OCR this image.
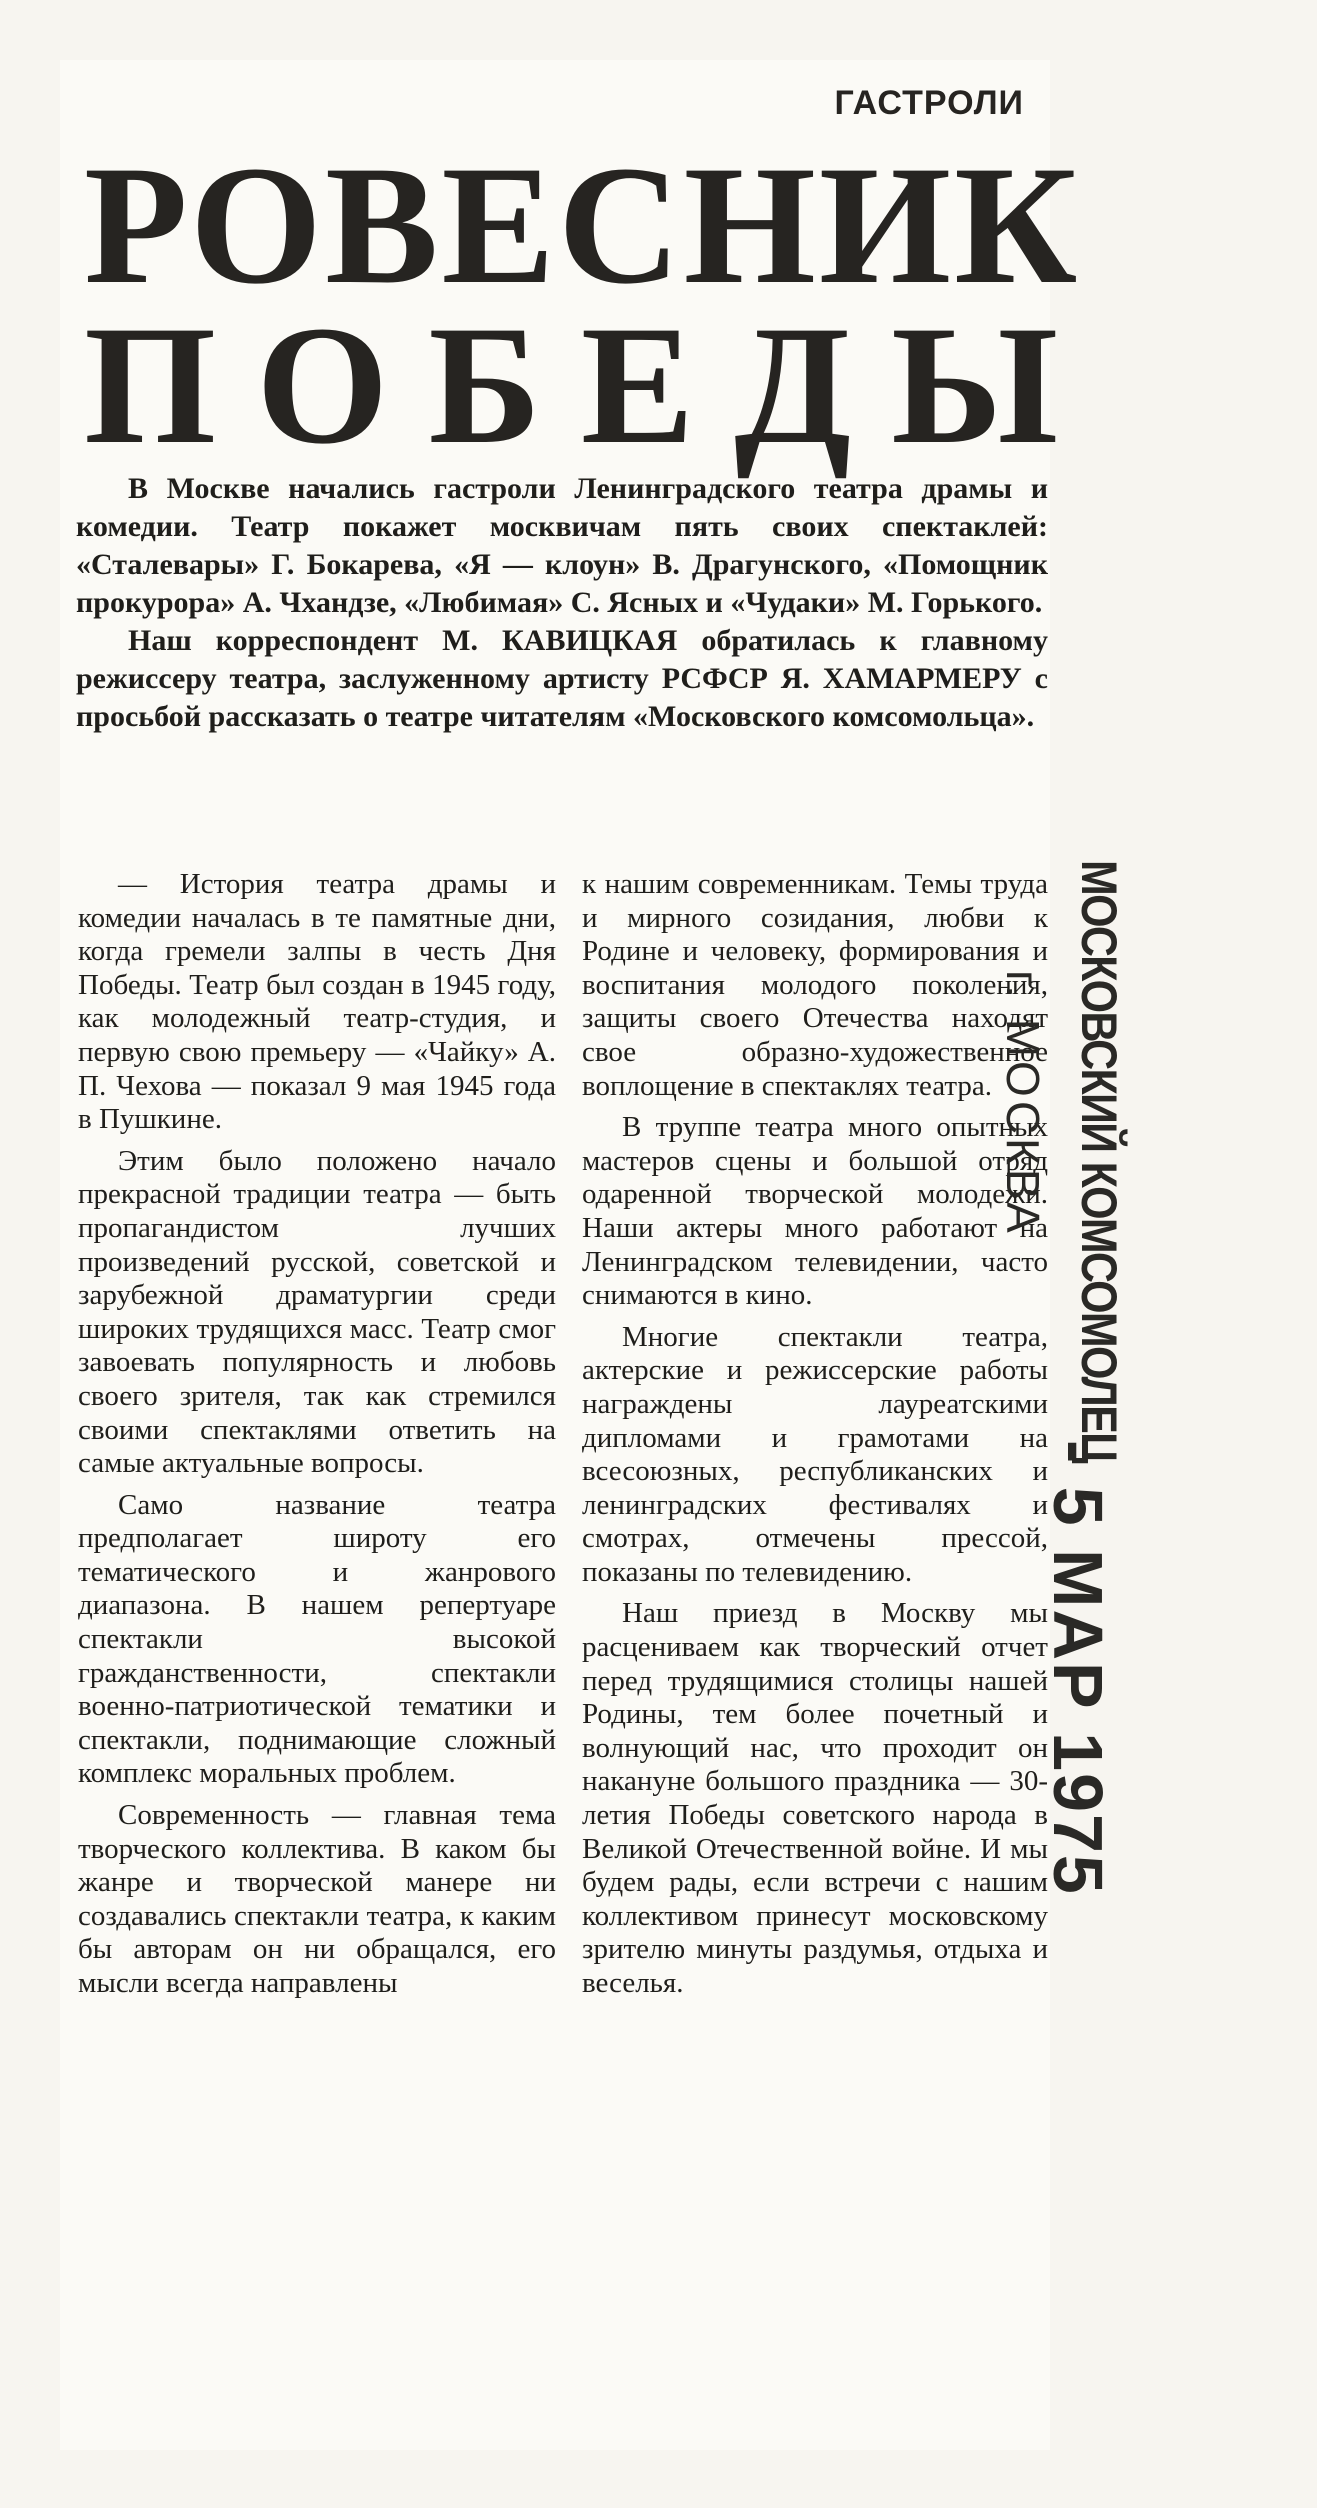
ГАСТРОЛИ
РОВЕСНИК
ПОБЕДЫ

В Москве начались гастроли Ленинградского театра драмы и комедии. Театр покажет москвичам пять своих спектаклей: «Сталевары» Г. Бокарева, «Я — клоун» В. Драгунского, «Помощник прокурора» А. Чхандзе, «Любимая» С. Ясных и «Чудаки» М. Горького.

Наш корреспондент М. КАВИЦКАЯ обратилась к главному режиссеру театра, заслуженному артисту РСФСР Я. ХАМАРМЕРУ с просьбой рассказать о театре читателям «Московского комсомольца».

— История театра драмы и комедии началась в те памятные дни, когда гремели залпы в честь Дня Победы. Театр был создан в 1945 году, как молодежный театр-студия, и первую свою премьеру — «Чайку» А. П. Чехова — показал 9 мая 1945 года в Пушкине.

Этим было положено начало прекрасной традиции театра — быть пропагандистом лучших произведений русской, советской и зарубежной драматургии среди широких трудящихся масс. Театр смог завоевать популярность и любовь своего зрителя, так как стремился своими спектаклями ответить на самые актуальные вопросы.

Само название театра предполагает широту его тематического и жанрового диапазона. В нашем репертуаре спектакли высокой гражданственности, спектакли военно-патриотической тематики и спектакли, поднимающие сложный комплекс моральных проблем.

Современность — главная тема творческого коллектива. В каком бы жанре и творческой манере ни создавались спектакли театра, к каким бы авторам он ни обращался, его мысли всегда направлены

к нашим современникам. Темы труда и мирного созидания, любви к Родине и человеку, формирования и воспитания молодого поколения, защиты своего Отечества находят свое образно-художественное воплощение в спектаклях театра.

В труппе театра много опытных мастеров сцены и большой отряд одаренной творческой молодежи. Наши актеры много работают на Ленинградском телевидении, часто снимаются в кино.

Многие спектакли театра, актерские и режиссерские работы награждены лауреатскими дипломами и грамотами на всесоюзных, республиканских и ленинградских фестивалях и смотрах, отмечены прессой, показаны по телевидению.

Наш приезд в Москву мы расцениваем как творческий отчет перед трудящимися столицы нашей Родины, тем более почетный и волнующий нас, что проходит он накануне большого праздника — 30-летия Победы советского народа в Великой Отечественной войне. И мы будем рады, если встречи с нашим коллективом принесут московскому зрителю минуты раздумья, отдыха и веселья.

МОСКОВСКИЙ КОМСОМОЛЕЦ
г. МОСКВА
- 5 МАР 1975
